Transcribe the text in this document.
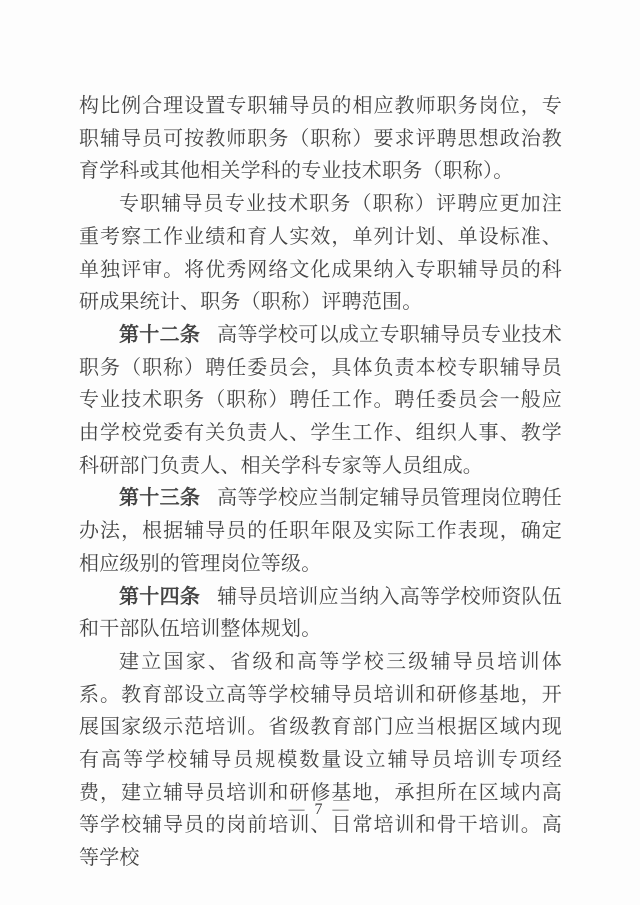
构比例合理设置专职辅导员的相应教师职务岗位，专职辅导员可按教师职务（职称）要求评聘思想政治教育学科或其他相关学科的专业技术职务（职称）。

专职辅导员专业技术职务（职称）评聘应更加注重考察工作业绩和育人实效，单列计划、单设标准、单独评审。将优秀网络文化成果纳入专职辅导员的科研成果统计、职务（职称）评聘范围。

第十二条 高等学校可以成立专职辅导员专业技术职务（职称）聘任委员会，具体负责本校专职辅导员专业技术职务（职称）聘任工作。聘任委员会一般应由学校党委有关负责人、学生工作、组织人事、教学科研部门负责人、相关学科专家等人员组成。

第十三条 高等学校应当制定辅导员管理岗位聘任办法，根据辅导员的任职年限及实际工作表现，确定相应级别的管理岗位等级。

第十四条 辅导员培训应当纳入高等学校师资队伍和干部队伍培训整体规划。

建立国家、省级和高等学校三级辅导员培训体系。教育部设立高等学校辅导员培训和研修基地，开展国家级示范培训。省级教育部门应当根据区域内现有高等学校辅导员规模数量设立辅导员培训专项经费，建立辅导员培训和研修基地，承担所在区域内高等学校辅导员的岗前培训、日常培训和骨干培训。高等学校

— 7 —
